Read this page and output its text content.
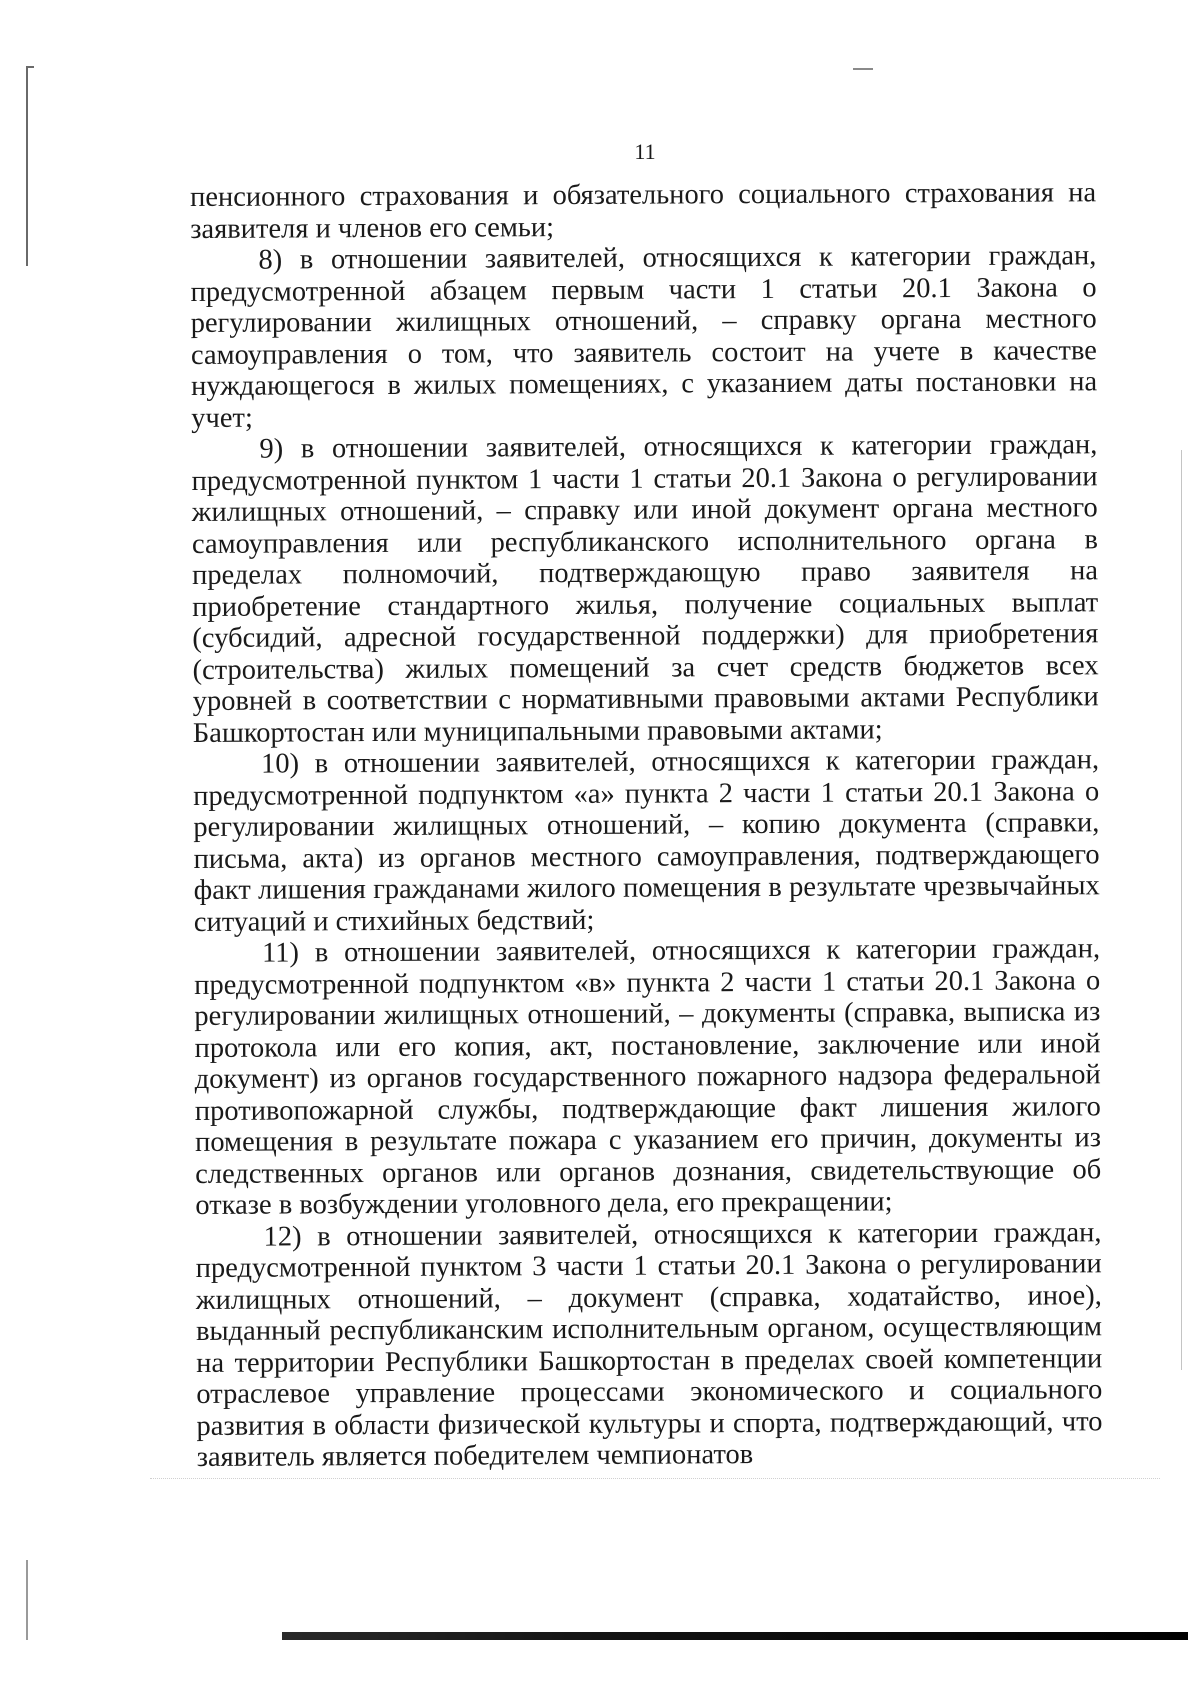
11

пенсионного страхования и обязательного социального страхования на заявителя и членов его семьи;

8) в отношении заявителей, относящихся к категории граждан, предусмотренной абзацем первым части 1 статьи 20.1 Закона о регулировании жилищных отношений, – справку органа местного самоуправления о том, что заявитель состоит на учете в качестве нуждающегося в жилых помещениях, с указанием даты постановки на учет;

9) в отношении заявителей, относящихся к категории граждан, предусмотренной пунктом 1 части 1 статьи 20.1 Закона о регулировании жилищных отношений, – справку или иной документ органа местного самоуправления или республиканского исполнительного органа в пределах полномочий, подтверждающую право заявителя на приобретение стандартного жилья, получение социальных выплат (субсидий, адресной государственной поддержки) для приобретения (строительства) жилых помещений за счет средств бюджетов всех уровней в соответствии с нормативными правовыми актами Республики Башкортостан или муниципальными правовыми актами;

10) в отношении заявителей, относящихся к категории граждан, предусмотренной подпунктом «а» пункта 2 части 1 статьи 20.1 Закона о регулировании жилищных отношений, – копию документа (справки, письма, акта) из органов местного самоуправления, подтверждающего факт лишения гражданами жилого помещения в результате чрезвычайных ситуаций и стихийных бедствий;

11) в отношении заявителей, относящихся к категории граждан, предусмотренной подпунктом «в» пункта 2 части 1 статьи 20.1 Закона о регулировании жилищных отношений, – документы (справка, выписка из протокола или его копия, акт, постановление, заключение или иной документ) из органов государственного пожарного надзора федеральной противопожарной службы, подтверждающие факт лишения жилого помещения в результате пожара с указанием его причин, документы из следственных органов или органов дознания, свидетельствующие об отказе в возбуждении уголовного дела, его прекращении;

12) в отношении заявителей, относящихся к категории граждан, предусмотренной пунктом 3 части 1 статьи 20.1 Закона о регулировании жилищных отношений, – документ (справка, ходатайство, иное), выданный республиканским исполнительным органом, осуществляющим на территории Республики Башкортостан в пределах своей компетенции отраслевое управление процессами экономического и социального развития в области физической культуры и спорта, подтверждающий, что заявитель является победителем чемпионатов
